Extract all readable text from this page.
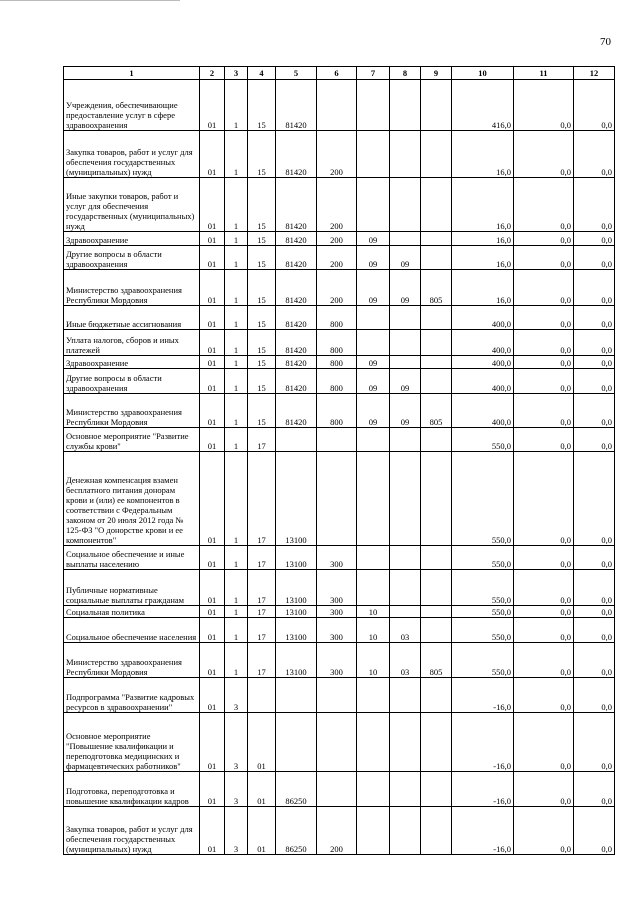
70
1	2	3	4	5	6	7	8	9	10	11	12
Учреждения, обеспечивающие предоставление услуг в сфере здравоохранения	01	1	15	81420					416,0	0,0	0,0
Закупка товаров, работ и услуг для обеспечения государственных (муниципальных) нужд	01	1	15	81420	200				16,0	0,0	0,0
Иные закупки товаров, работ и услуг для обеспечения государственных (муниципальных) нужд	01	1	15	81420	200				16,0	0,0	0,0
Здравоохранение	01	1	15	81420	200	09			16,0	0,0	0,0
Другие вопросы в области здравоохранения	01	1	15	81420	200	09	09		16,0	0,0	0,0
Министерство здравоохранения Республики Мордовия	01	1	15	81420	200	09	09	805	16,0	0,0	0,0
Иные бюджетные ассигнования	01	1	15	81420	800				400,0	0,0	0,0
Уплата налогов, сборов и иных платежей	01	1	15	81420	800				400,0	0,0	0,0
Здравоохранение	01	1	15	81420	800	09			400,0	0,0	0,0
Другие вопросы в области здравоохранения	01	1	15	81420	800	09	09		400,0	0,0	0,0
Министерство здравоохранения Республики Мордовия	01	1	15	81420	800	09	09	805	400,0	0,0	0,0
Основное мероприятие "Развитие службы крови"	01	1	17						550,0	0,0	0,0
Денежная компенсация взамен бесплатного питания донорам крови и (или) ее компонентов в соответствии с Федеральным законом от 20 июля 2012 года № 125-ФЗ "О донорстве крови и ее компонентов"	01	1	17	13100					550,0	0,0	0,0
Социальное обеспечение и иные выплаты населению	01	1	17	13100	300				550,0	0,0	0,0
Публичные нормативные социальные выплаты гражданам	01	1	17	13100	300				550,0	0,0	0,0
Социальная политика	01	1	17	13100	300	10			550,0	0,0	0,0
Социальное обеспечение населения	01	1	17	13100	300	10	03		550,0	0,0	0,0
Министерство здравоохранения Республики Мордовия	01	1	17	13100	300	10	03	805	550,0	0,0	0,0
Подпрограмма "Развитие кадровых ресурсов в здравоохранении"	01	3							-16,0	0,0	0,0
Основное мероприятие "Повышение квалификации и переподготовка медицинских и фармацевтических работников"	01	3	01						-16,0	0,0	0,0
Подготовка, переподготовка и повышение квалификации кадров	01	3	01	86250					-16,0	0,0	0,0
Закупка товаров, работ и услуг для обеспечения государственных (муниципальных) нужд	01	3	01	86250	200				-16,0	0,0	0,0
